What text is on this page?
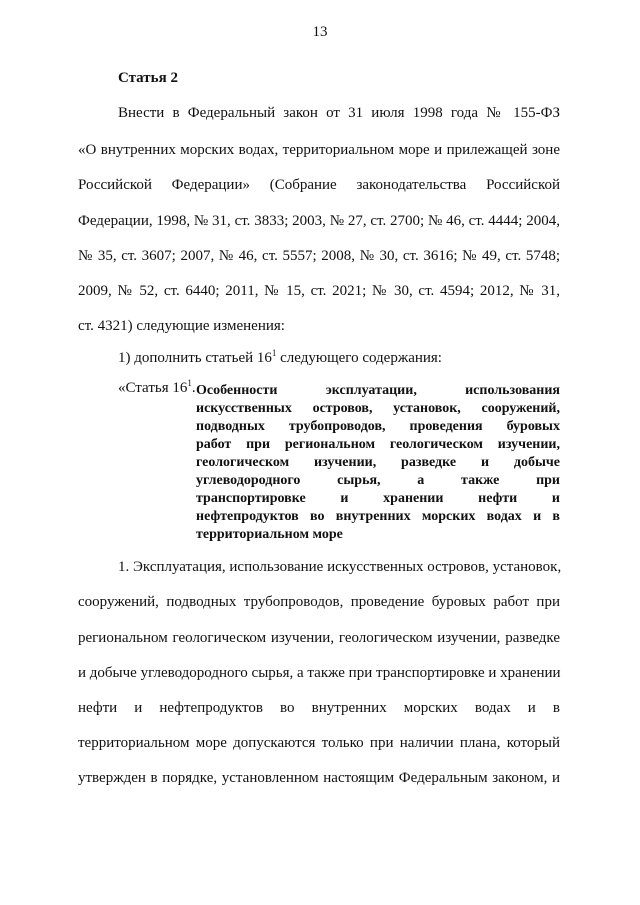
13
Статья 2
Внести в Федеральный закон от 31 июля 1998 года № 155-ФЗ
«О внутренних морских водах, территориальном море и прилежащей зоне
Российской Федерации» (Собрание законодательства Российской
Федерации, 1998, № 31, ст. 3833; 2003, № 27, ст. 2700; № 46, ст. 4444; 2004,
№ 35, ст. 3607; 2007, № 46, ст. 5557; 2008, № 30, ст. 3616; № 49, ст. 5748;
2009, № 52, ст. 6440; 2011, № 15, ст. 2021; № 30, ст. 4594; 2012, № 31,
ст. 4321) следующие изменения:
1) дополнить статьей $16^1$ следующего содержания:
«Статья $16^1$. Особенности эксплуатации, использования
искусственных островов, установок, сооружений,
подводных трубопроводов, проведения буровых
работ при региональном геологическом изучении,
геологическом изучении, разведке и добыче
углеводородного сырья, а также при
транспортировке и хранении нефти и
нефтепродуктов во внутренних морских водах и в
территориальном море
1. Эксплуатация, использование искусственных островов, установок,
сооружений, подводных трубопроводов, проведение буровых работ при
региональном геологическом изучении, геологическом изучении, разведке
и добыче углеводородного сырья, а также при транспортировке и хранении
нефти и нефтепродуктов во внутренних морских водах и в
территориальном море допускаются только при наличии плана, который
утвержден в порядке, установленном настоящим Федеральным законом, и
